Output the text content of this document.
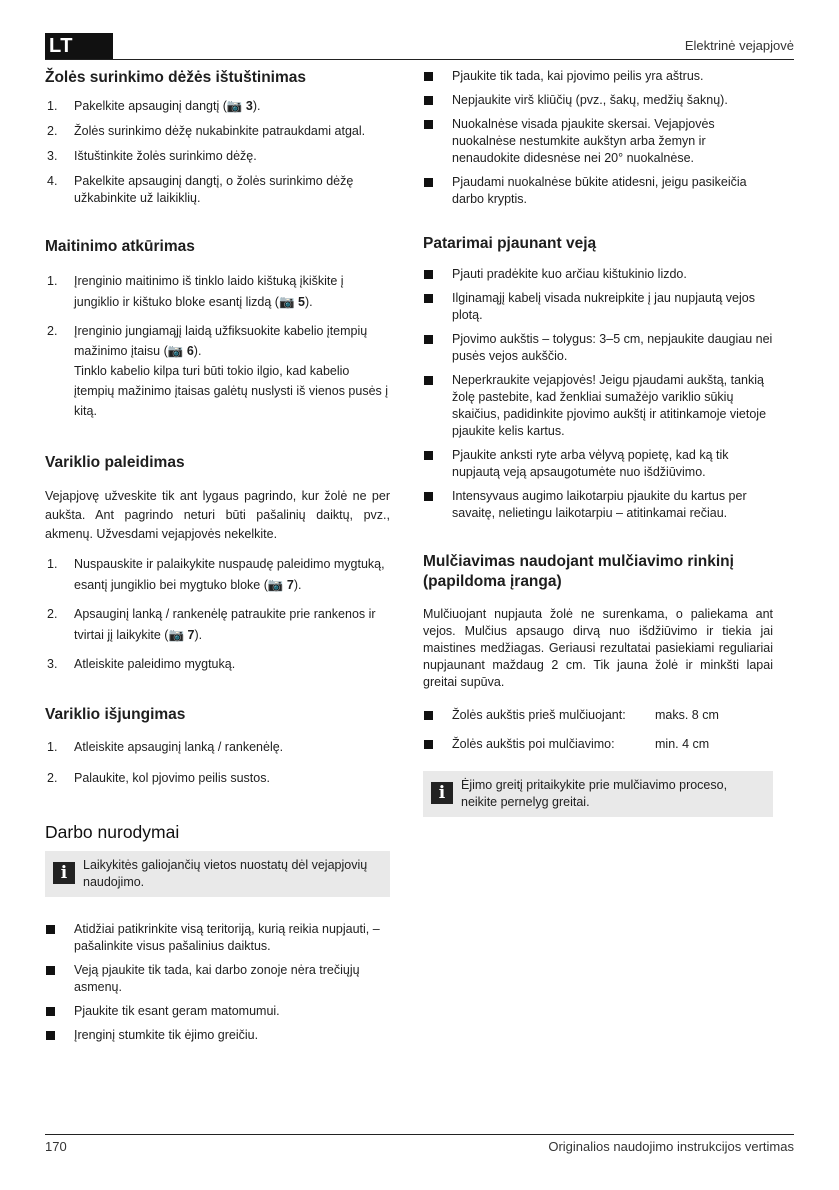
LT	Elektrinė vejapjovė
Žolės surinkimo dėžės ištuštinimas
1. Pakelkite apsauginį dangtį (📷 3).
2. Žolės surinkimo dėžę nukabinkite patraukdami atgal.
3. Ištuštinkite žolės surinkimo dėžę.
4. Pakelkite apsauginį dangtį, o žolės surinkimo dėžę užkabinkite už laikiklių.
Maitinimo atkūrimas
1. Įrenginio maitinimo iš tinklo laido kištuką įkiškite į jungiklio ir kištuko bloke esantį lizdą (📷 5).
2. Įrenginio jungiamąjį laidą užfiksuokite kabelio įtempių mažinimo įtaisu (📷 6).
Tinklo kabelio kilpa turi būti tokio ilgio, kad kabelio įtempių mažinimo įtaisas galėtų nuslysti iš vienos pusės į kitą.
Variklio paleidimas

Vejapjovę užveskite tik ant lygaus pagrindo, kur žolė ne per aukšta. Ant pagrindo neturi būti pašalinių daiktų, pvz., akmenų. Užvesdami vejapjovės nekelkite.

1. Nuspauskite ir palaikykite nuspaudę paleidimo mygtuką, esantį jungiklio bei mygtuko bloke (📷 7).
2. Apsauginį lanką / rankenėlę patraukite prie rankenos ir tvirtai jį laikykite (📷 7).
3. Atleiskite paleidimo mygtuką.
Variklio išjungimas
1. Atleiskite apsauginį lanką / rankenėlę.
2. Palaukite, kol pjovimo peilis sustos.
Darbo nurodymai
i	Laikykitės galiojančių vietos nuostatų dėl vejapjovių naudojimo.
Atidžiai patikrinkite visą teritoriją, kurią reikia nupjauti, – pašalinkite visus pašalinius daiktus.
Veją pjaukite tik tada, kai darbo zonoje nėra trečiųjų asmenų.
Pjaukite tik esant geram matomumui.
Įrenginį stumkite tik ėjimo greičiu.
Pjaukite tik tada, kai pjovimo peilis yra aštrus.
Nepjaukite virš kliūčių (pvz., šakų, medžių šaknų).
Nuokalnėse visada pjaukite skersai. Vejapjovės nuokalnėse nestumkite aukštyn arba žemyn ir nenaudokite didesnėse nei 20° nuokalnėse.
Pjaudami nuokalnėse būkite atidesni, jeigu pasikeičia darbo kryptis.
Patarimai pjaunant veją
Pjauti pradėkite kuo arčiau kištukinio lizdo.
Ilginamąjį kabelį visada nukreipkite į jau nupjautą vejos plotą.
Pjovimo aukštis – tolygus: 3–5 cm, nepjaukite daugiau nei pusės vejos aukščio.
Neperkraukite vejapjovės! Jeigu pjaudami aukštą, tankią žolę pastebite, kad ženkliai sumažėjo variklio sūkių skaičius, padidinkite pjovimo aukštį ir atitinkamoje vietoje pjaukite kelis kartus.
Pjaukite anksti ryte arba vėlyvą popietę, kad ką tik nupjautą veją apsaugotumėte nuo išdžiūvimo.
Intensyvaus augimo laikotarpiu pjaukite du kartus per savaitę, nelietingu laikotarpiu – atitinkamai rečiau.
Mulčiavimas naudojant mulčiavimo rinkinį (papildoma įranga)

Mulčiuojant nupjauta žolė ne surenkama, o paliekama ant vejos. Mulčius apsaugo dirvą nuo išdžiūvimo ir tiekia jai maistines medžiagas. Geriausi rezultatai pasiekiami reguliariai nupjaunant maždaug 2 cm. Tik jauna žolė ir minkšti lapai greitai supūva.

Žolės aukštis prieš mulčiuojant:	maks. 8 cm
Žolės aukštis poi mulčiavimo:	min. 4 cm
i	Ėjimo greitį pritaikykite prie mulčiavimo proceso, neikite pernelyg greitai.
170	Originalios naudojimo instrukcijos vertimas
